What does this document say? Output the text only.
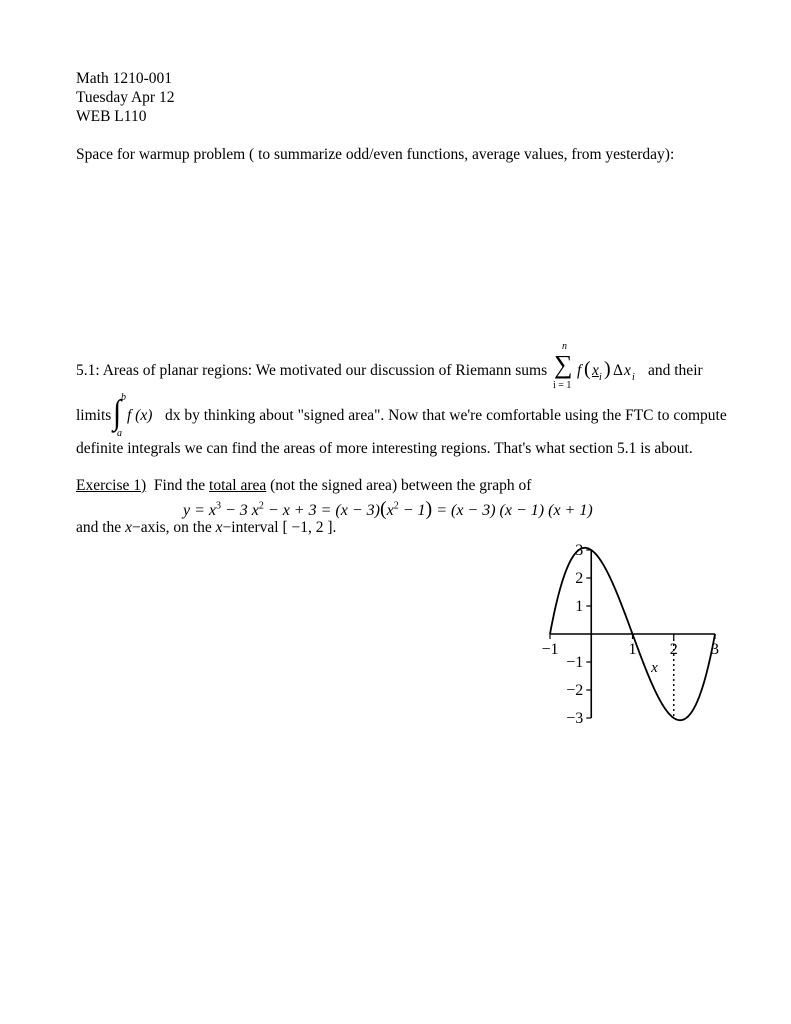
Math 1210-001
Tuesday Apr 12
WEB L110
Space for warmup problem ( to summarize odd/even functions, average values, from yesterday):
5.1: Areas of planar regions: We motivated our discussion of Riemann sums
n
∑
i = 1
f ( x i ) Δ x i and their
limits
b
∫
a
f (x) dx by thinking about "signed area". Now that we're comfortable using the FTC to compute
definite integrals we can find the areas of more interesting regions. That's what section 5.1 is about.
Exercise 1) Find the total area (not the signed area) between the graph of
$y = x^3 - 3$ $x^2 - x + 3 = (x - 3)(x^2 - 1) = (x - 3) (x - 1) (x + 1)$
and the x−axis, on the x−interval [ −1, 2 ].
−1	1 2 3
3
2
1
−1
−2
−3
x
